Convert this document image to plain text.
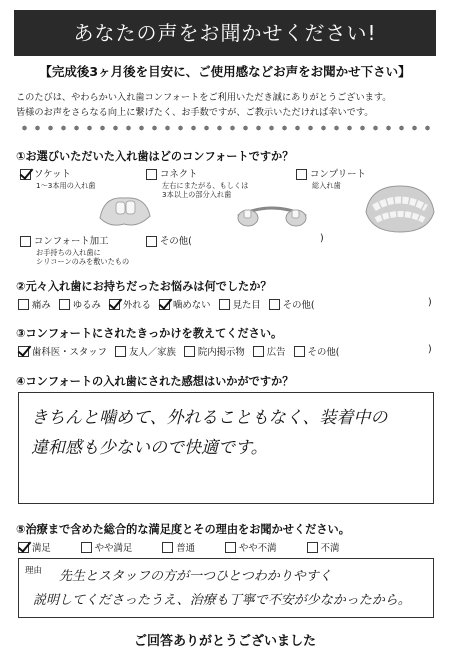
あなたの声をお聞かせください!
【完成後3ヶ月後を目安に、ご使用感などお声をお聞かせ下さい】
このたびは、やわらかい入れ歯コンフォートをご利用いただき誠にありがとうございます。
皆様のお声をさらなる向上に繋げたく、お手数ですが、ご教示いただければ幸いです。
①お選びいただいた入れ歯はどのコンフォートですか？
ソケット
1〜3本用の入れ歯
コネクト
左右にまたがる、もしくは
3本以上の部分入れ歯
コンプリート
総入れ歯
コンフォート加工
お手持ちの入れ歯に
シリコーンのみを敷いたもの
その他(	)
②元々入れ歯にお持ちだったお悩みは何でしたか？
痛み ゆるみ 外れる 噛めない 見た目 その他(	)
③コンフォートにされたきっかけを教えてください。
歯科医・スタッフ 友人／家族 院内掲示物 広告 その他(	)
④コンフォートの入れ歯にされた感想はいかがですか？
きちんと噛めて、外れることもなく、装着中の
違和感も少ないので快適です。
⑤治療まで含めた総合的な満足度とその理由をお聞かせください。
満足	やや満足	普通	やや不満	不満
理由 先生とスタッフの方が一つひとつわかりやすく
説明してくださったうえ、治療も丁寧で不安が少なかったから。
ご回答ありがとうございました
